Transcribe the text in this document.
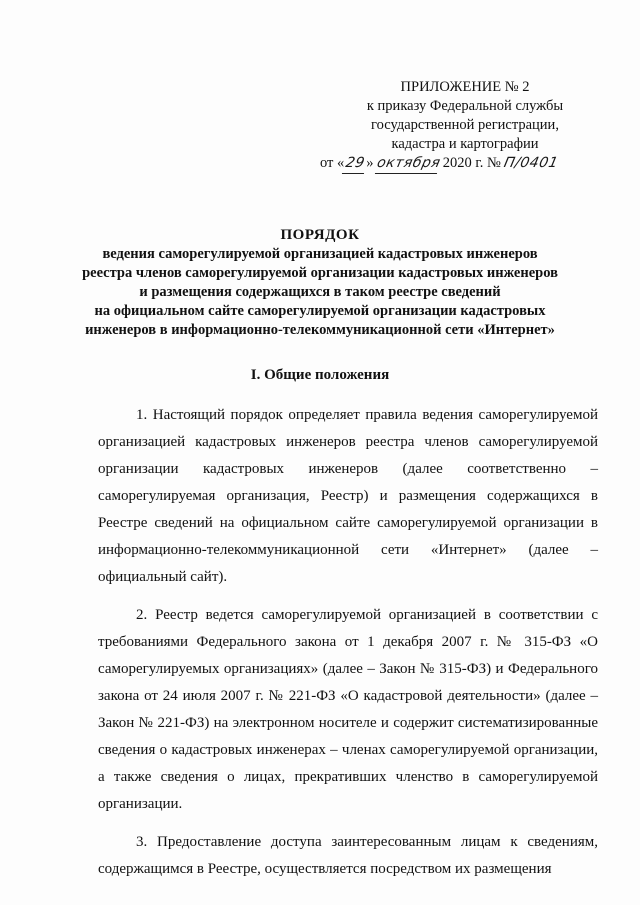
ПРИЛОЖЕНИЕ № 2
к приказу Федеральной службы
государственной регистрации,
кадастра и картографии
от «29» октября 2020 г. № П/0401
ПОРЯДОК
ведения саморегулируемой организацией кадастровых инженеров
реестра членов саморегулируемой организации кадастровых инженеров
и размещения содержащихся в таком реестре сведений
на официальном сайте саморегулируемой организации кадастровых
инженеров в информационно-телекоммуникационной сети «Интернет»
I. Общие положения

1. Настоящий порядок определяет правила ведения саморегулируемой организацией кадастровых инженеров реестра членов саморегулируемой организации кадастровых инженеров (далее соответственно – саморегулируемая организация, Реестр) и размещения содержащихся в Реестре сведений на официальном сайте саморегулируемой организации в информационно-телекоммуникационной сети «Интернет» (далее – официальный сайт).

2. Реестр ведется саморегулируемой организацией в соответствии с требованиями Федерального закона от 1 декабря 2007 г. № 315-ФЗ «О саморегулируемых организациях» (далее – Закон № 315-ФЗ) и Федерального закона от 24 июля 2007 г. № 221-ФЗ «О кадастровой деятельности» (далее – Закон № 221-ФЗ) на электронном носителе и содержит систематизированные сведения о кадастровых инженерах – членах саморегулируемой организации, а также сведения о лицах, прекративших членство в саморегулируемой организации.

3. Предоставление доступа заинтересованным лицам к сведениям, содержащимся в Реестре, осуществляется посредством их размещения
